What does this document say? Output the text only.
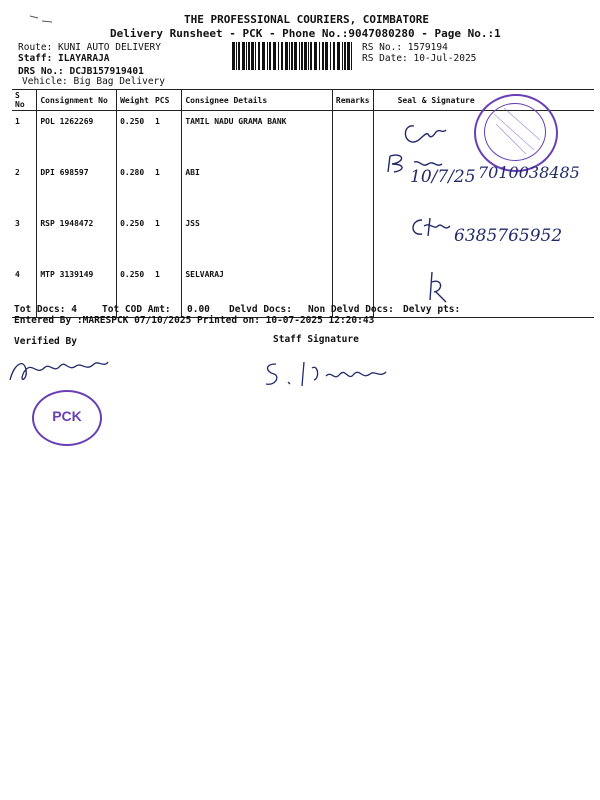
THE PROFESSIONAL COURIERS, COIMBATORE
Delivery Runsheet - PCK - Phone No.:9047080280 - Page No.:1
Route: KUNI AUTO DELIVERY
Staff: ILAYARAJA
DRS No.: DCJB157919401
Vehicle: Big Bag Delivery
RS No.: 1579194
RS Date: 10-Jul-2025
S No	Consignment No	Weight	PCS	Consignee Details	Remarks	Seal & Signature
1	POL 1262269	0.250	1	TAMIL NADU GRAMA BANK		
2	DPI 698597	0.280	1	ABI		
3	RSP 1948472	0.250	1	JSS		
4	MTP 3139149	0.250	1	SELVARAJ		
10/7/25 7010038485
6385765952
Tot Docs: 4	Tot COD Amt: 0.00 Delvd Docs: Non Delvd Docs: Delvy pts:
Entered By :MARESPCK 07/10/2025 Printed on: 10-07-2025 12:20:43
Verified By	Staff Signature
PCK
